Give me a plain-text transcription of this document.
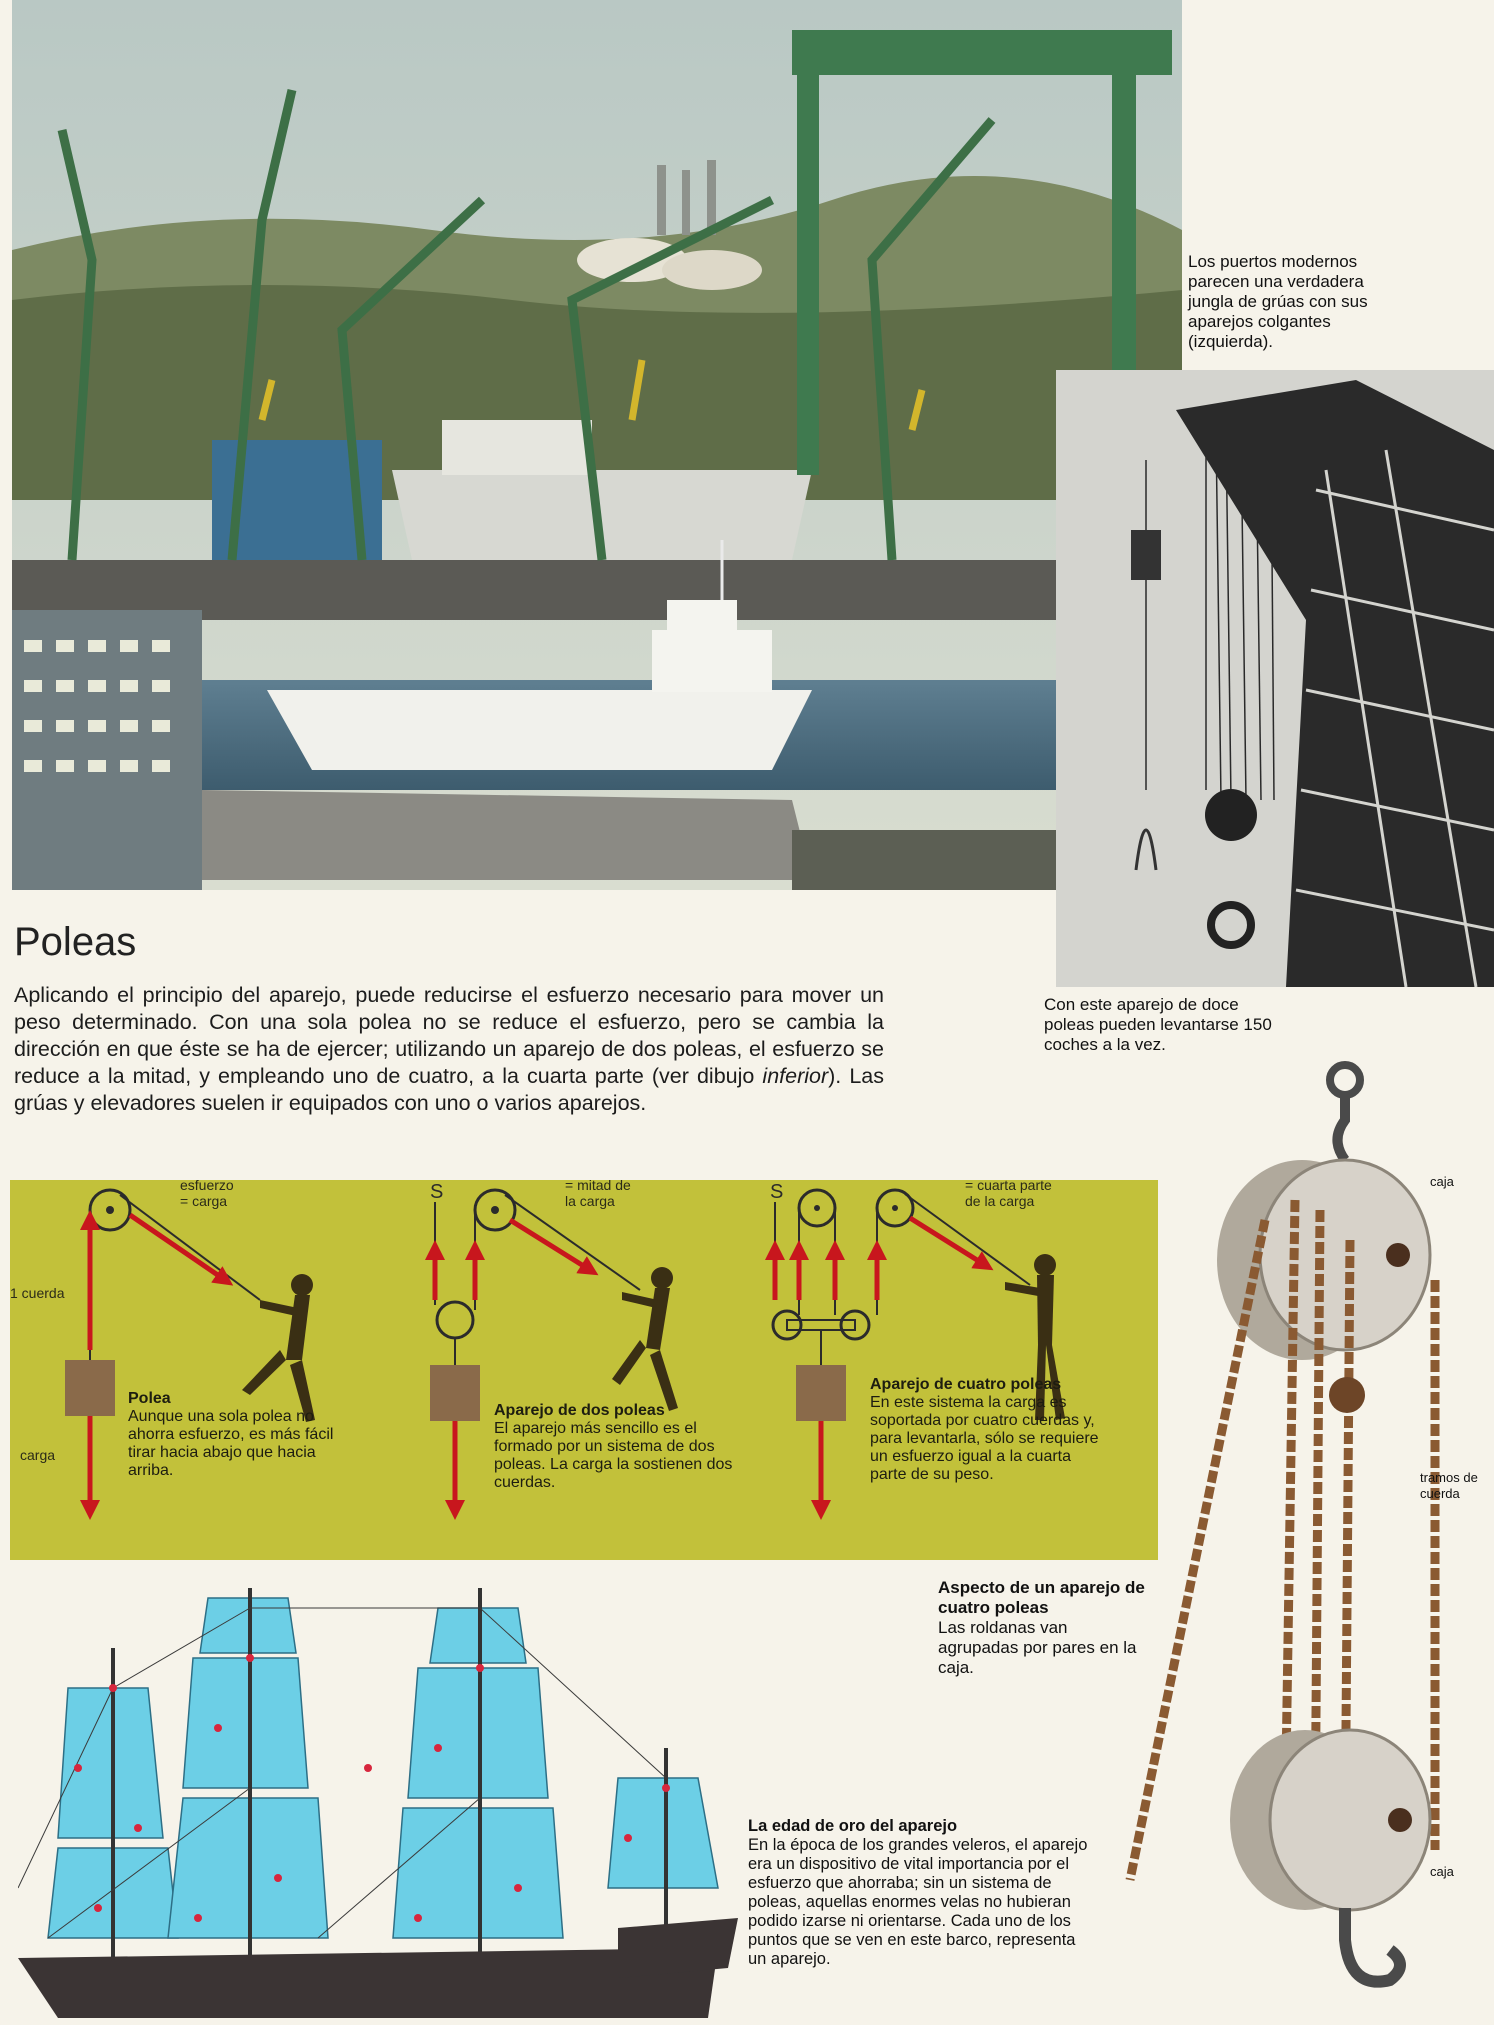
Los puertos modernos parecen una verdadera jungla de grúas con sus aparejos colgantes (izquierda).
Con este aparejo de doce poleas pueden levantarse 150 coches a la vez.
Poleas
Aplicando el principio del aparejo, puede reducirse el esfuerzo necesario para mover un peso determinado. Con una sola polea no se reduce el esfuerzo, pero se cambia la dirección en que éste se ha de ejercer; utilizando un aparejo de dos poleas, el esfuerzo se reduce a la mitad, y empleando uno de cuatro, a la cuarta parte (ver dibujo inferior). Las grúas y elevadores suelen ir equipados con uno o varios aparejos.
S	S
esfuerzo
= carga
1 cuerda
carga
Polea
Aunque una sola polea no ahorra esfuerzo, es más fácil tirar hacia abajo que hacia arriba.
= mitad de
la carga
Aparejo de dos poleas
El aparejo más sencillo es el formado por un sistema de dos poleas. La carga la sostienen dos cuerdas.
= cuarta parte
de la carga
Aparejo de cuatro poleas
En este sistema la carga es soportada por cuatro cuerdas y, para levantarla, sólo se requiere un esfuerzo igual a la cuarta parte de su peso.
caja
tramos de cuerda
caja
Aspecto de un aparejo de cuatro poleas
Las roldanas van agrupadas por pares en la caja.
La edad de oro del aparejo
En la época de los grandes veleros, el aparejo era un dispositivo de vital importancia por el esfuerzo que ahorraba; sin un sistema de poleas, aquellas enormes velas no hubieran podido izarse ni orientarse. Cada uno de los puntos que se ven en este barco, representa un aparejo.
